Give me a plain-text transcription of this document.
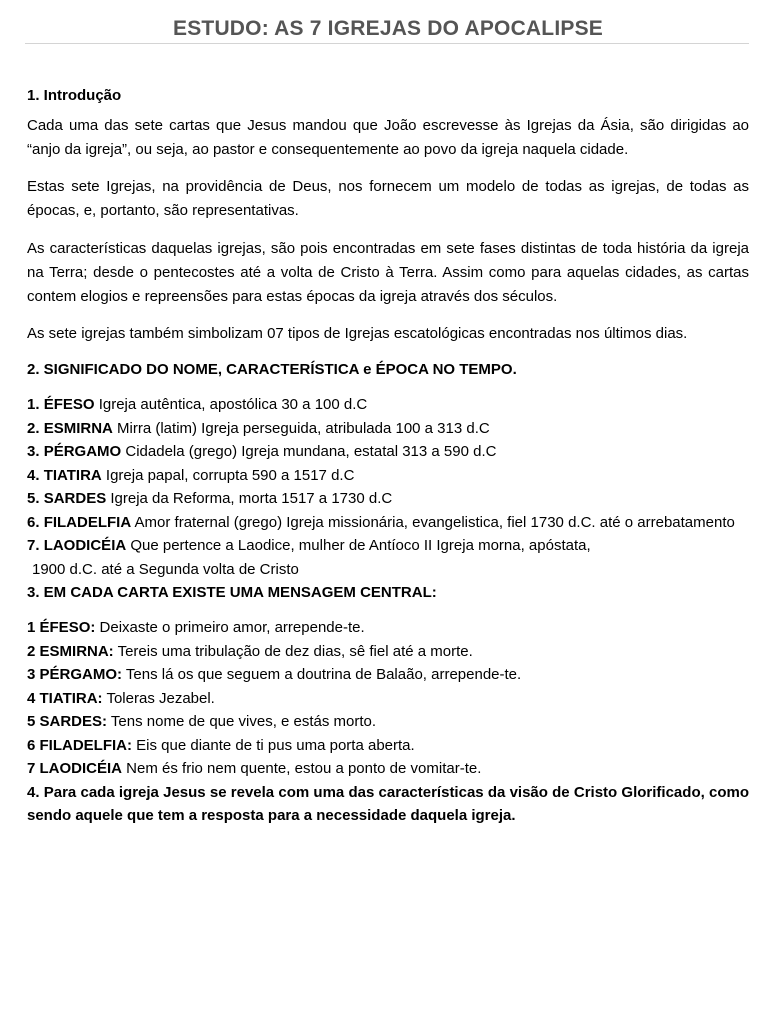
ESTUDO: AS 7 IGREJAS DO APOCALIPSE

1. Introdução

Cada uma das sete cartas que Jesus mandou que João escrevesse às Igrejas da Ásia, são dirigidas ao “anjo da igreja”, ou seja, ao pastor e consequentemente ao povo da igreja naquela cidade.

Estas sete Igrejas, na providência de Deus, nos fornecem um modelo de todas as igrejas, de todas as épocas, e, portanto, são representativas.

As características daquelas igrejas, são pois encontradas em sete fases distintas de toda história da igreja na Terra; desde o pentecostes até a volta de Cristo à Terra. Assim como para aquelas cidades, as cartas contem elogios e repreensões para estas épocas da igreja através dos séculos.

As sete igrejas também simbolizam 07 tipos de Igrejas escatológicas encontradas nos últimos dias.

2. SIGNIFICADO DO NOME, CARACTERÍSTICA e ÉPOCA NO TEMPO.

1. ÉFESO Igreja autêntica, apostólica 30 a 100 d.C
2. ESMIRNA Mirra (latim) Igreja perseguida, atribulada 100 a 313 d.C
3. PÉRGAMO Cidadela (grego) Igreja mundana, estatal 313 a 590 d.C
4. TIATIRA Igreja papal, corrupta 590 a 1517 d.C
5. SARDES Igreja da Reforma, morta 1517 a 1730 d.C
6. FILADELFIA Amor fraternal (grego) Igreja missionária, evangelistica, fiel 1730 d.C. até o arrebatamento
7. LAODICÉIA Que pertence a Laodice, mulher de Antíoco II Igreja morna, apóstata,
1900 d.C. até a Segunda volta de Cristo

3. EM CADA CARTA EXISTE UMA MENSAGEM CENTRAL:

1 ÉFESO: Deixaste o primeiro amor, arrepende-te.
2 ESMIRNA: Tereis uma tribulação de dez dias, sê fiel até a morte.
3 PÉRGAMO: Tens lá os que seguem a doutrina de Balaão, arrepende-te.
4 TIATIRA: Toleras Jezabel.
5 SARDES: Tens nome de que vives, e estás morto.
6 FILADELFIA: Eis que diante de ti pus uma porta aberta.
7 LAODICÉIA Nem és frio nem quente, estou a ponto de vomitar-te.

4. Para cada igreja Jesus se revela com uma das características da visão de Cristo Glorificado, como sendo aquele que tem a resposta para a necessidade daquela igreja.
